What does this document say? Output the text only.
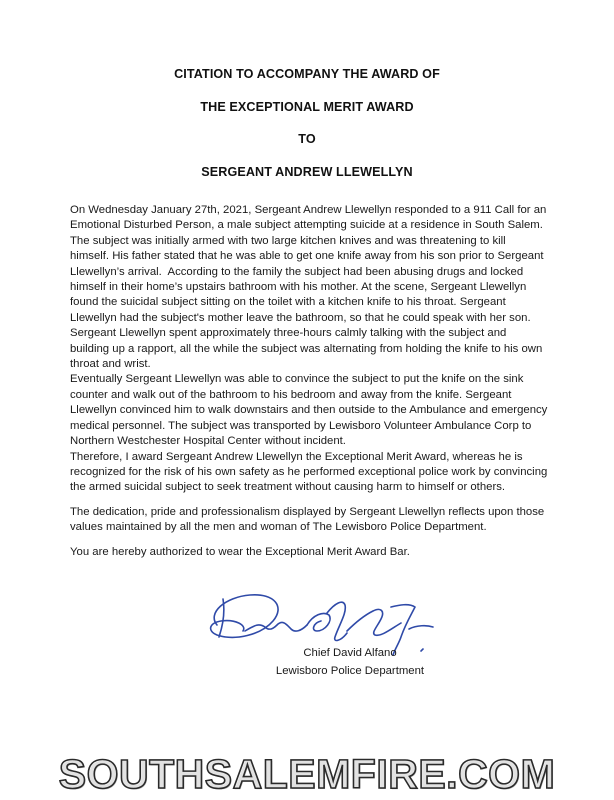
CITATION TO ACCOMPANY THE AWARD OF
THE EXCEPTIONAL MERIT AWARD
TO
SERGEANT ANDREW LLEWELLYN
On Wednesday January 27th, 2021, Sergeant Andrew Llewellyn responded to a 911 Call for an
Emotional Disturbed Person, a male subject attempting suicide at a residence in South Salem.
The subject was initially armed with two large kitchen knives and was threatening to kill
himself. His father stated that he was able to get one knife away from his son prior to Sergeant
Llewellyn’s arrival.  According to the family the subject had been abusing drugs and locked
himself in their home’s upstairs bathroom with his mother. At the scene, Sergeant Llewellyn
found the suicidal subject sitting on the toilet with a kitchen knife to his throat. Sergeant
Llewellyn had the subject's mother leave the bathroom, so that he could speak with her son.
Sergeant Llewellyn spent approximately three-hours calmly talking with the subject and
building up a rapport, all the while the subject was alternating from holding the knife to his own
throat and wrist.
Eventually Sergeant Llewellyn was able to convince the subject to put the knife on the sink
counter and walk out of the bathroom to his bedroom and away from the knife. Sergeant
Llewellyn convinced him to walk downstairs and then outside to the Ambulance and emergency
medical personnel. The subject was transported by Lewisboro Volunteer Ambulance Corp to
Northern Westchester Hospital Center without incident.
Therefore, I award Sergeant Andrew Llewellyn the Exceptional Merit Award, whereas he is
recognized for the risk of his own safety as he performed exceptional police work by convincing
the armed suicidal subject to seek treatment without causing harm to himself or others.
The dedication, pride and professionalism displayed by Sergeant Llewellyn reflects upon those
values maintained by all the men and woman of The Lewisboro Police Department.
You are hereby authorized to wear the Exceptional Merit Award Bar.
Chief David Alfano
Lewisboro Police Department
SOUTHSALEMFIRE.COM
